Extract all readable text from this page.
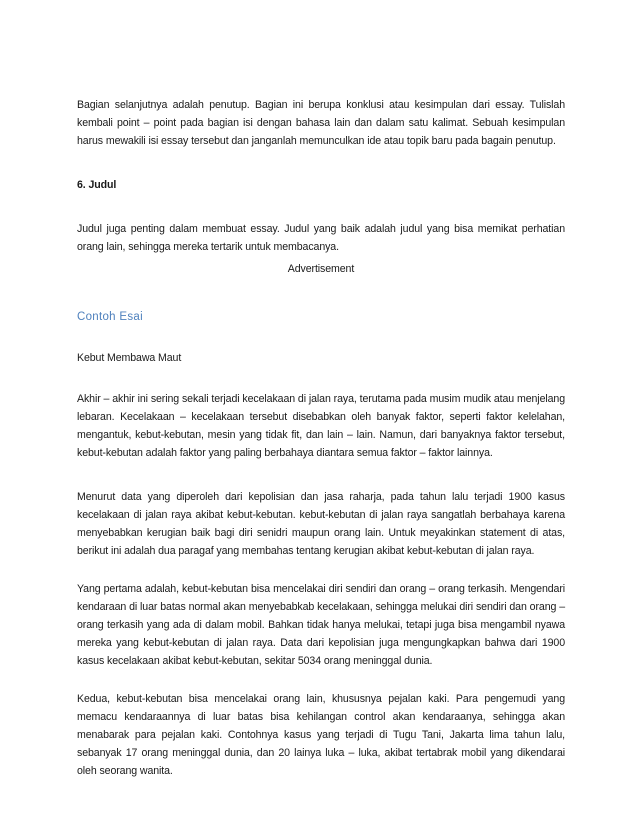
Bagian selanjutnya adalah penutup. Bagian ini berupa konklusi atau kesimpulan dari essay. Tulislah kembali point – point pada bagian isi dengan bahasa lain dan dalam satu kalimat. Sebuah kesimpulan harus mewakili isi essay tersebut dan janganlah memunculkan ide atau topik baru pada bagain penutup.

6. Judul

Judul juga penting dalam membuat essay. Judul yang baik adalah judul yang bisa memikat perhatian orang lain, sehingga mereka tertarik untuk membacanya.

Advertisement

Contoh Esai

Kebut Membawa Maut

Akhir – akhir ini sering sekali terjadi kecelakaan di jalan raya, terutama pada musim mudik atau menjelang lebaran. Kecelakaan – kecelakaan tersebut disebabkan oleh banyak faktor, seperti faktor kelelahan, mengantuk, kebut-kebutan, mesin yang tidak fit, dan lain – lain. Namun, dari banyaknya faktor tersebut, kebut-kebutan adalah faktor yang paling berbahaya diantara semua faktor – faktor lainnya.

Menurut data yang diperoleh dari kepolisian dan jasa raharja, pada tahun lalu terjadi 1900 kasus kecelakaan di jalan raya akibat kebut-kebutan. kebut-kebutan di jalan raya sangatlah berbahaya karena menyebabkan kerugian baik bagi diri senidri maupun orang lain. Untuk meyakinkan statement di atas, berikut ini adalah dua paragaf yang membahas tentang kerugian akibat kebut-kebutan di jalan raya.

Yang pertama adalah, kebut-kebutan bisa mencelakai diri sendiri dan orang – orang terkasih. Mengendari kendaraan di luar batas normal akan menyebabkab kecelakaan, sehingga melukai diri sendiri dan orang – orang terkasih yang ada di dalam mobil. Bahkan tidak hanya melukai, tetapi juga bisa mengambil nyawa mereka yang kebut-kebutan di jalan raya. Data dari kepolisian juga mengungkapkan bahwa dari 1900 kasus kecelakaan akibat kebut-kebutan, sekitar 5034 orang meninggal dunia.

Kedua, kebut-kebutan bisa mencelakai orang lain, khususnya pejalan kaki. Para pengemudi yang memacu kendaraannya di luar batas bisa kehilangan control akan kendaraanya, sehingga akan menabarak para pejalan kaki. Contohnya kasus yang terjadi di Tugu Tani, Jakarta lima tahun lalu, sebanyak 17 orang meninggal dunia, dan 20 lainya luka – luka, akibat tertabrak mobil yang dikendarai oleh seorang wanita.
